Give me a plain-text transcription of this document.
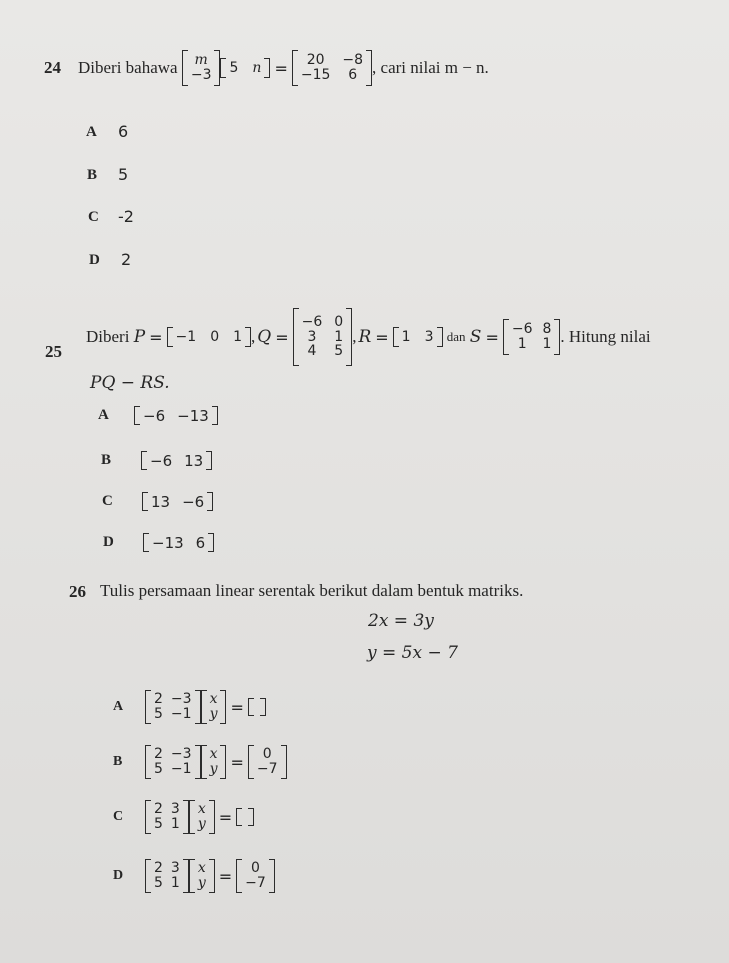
24 Diberi bahawa
m
−3 5 n =	20	−8
−15	6 , cari nilai m − n.
A 6
B 5
C -2
D 2
25
Diberi
P = −1 0 1 , Q =
−6 0
3	1
4	5
, R = 1 3
dan
S = −6 8
1	1 . Hitung nilai
PQ − RS.
A −6 −13
B	−6 13
C	13 −6
D	−13 6
26 Tulis persamaan linear serentak berikut dalam bentuk matriks.
2x = 3y
y = 5x − 7
A	2 −3
5 −1
x
y =
B	2 −3
5 −1
x
y =	0
−7
C	2 3
5 1
x
y =
D	2 3
5 1
x
y =	0
−7
